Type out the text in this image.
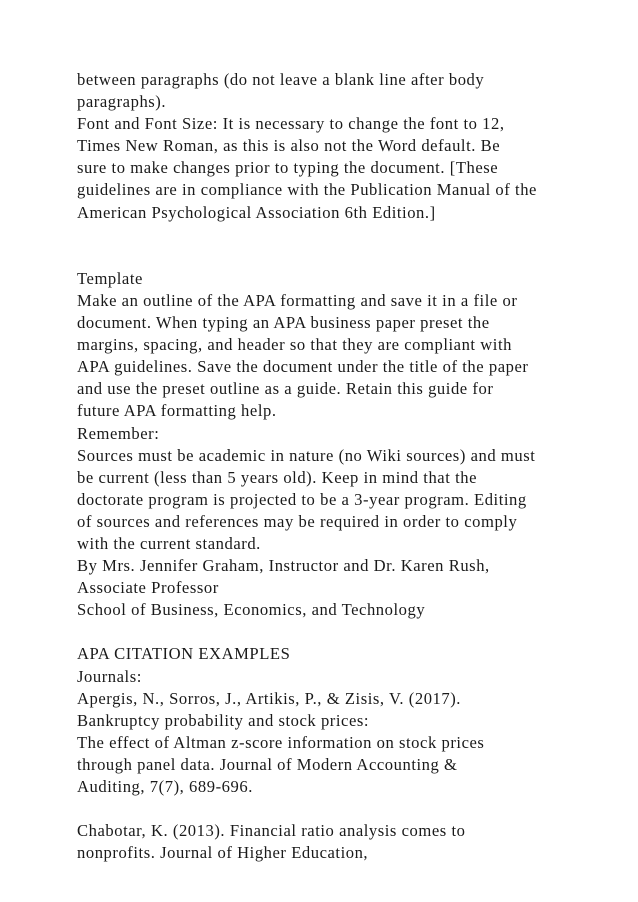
between paragraphs (do not leave a blank line after body
paragraphs).
Font and Font Size: It is necessary to change the font to 12,
Times New Roman, as this is also not the Word default. Be
sure to make changes prior to typing the document. [These
guidelines are in compliance with the Publication Manual of the
American Psychological Association 6th Edition.]
Template
Make an outline of the APA formatting and save it in a file or
document. When typing an APA business paper preset the
margins, spacing, and header so that they are compliant with
APA guidelines. Save the document under the title of the paper
and use the preset outline as a guide. Retain this guide for
future APA formatting help.
Remember:
Sources must be academic in nature (no Wiki sources) and must
be current (less than 5 years old). Keep in mind that the
doctorate program is projected to be a 3-year program. Editing
of sources and references may be required in order to comply
with the current standard.
By Mrs. Jennifer Graham, Instructor and Dr. Karen Rush,
Associate Professor
School of Business, Economics, and Technology
APA CITATION EXAMPLES
Journals:
Apergis, N., Sorros, J., Artikis, P., & Zisis, V. (2017).
Bankruptcy probability and stock prices:
The effect of Altman z-score information on stock prices
through panel data. Journal of Modern Accounting &
Auditing, 7(7), 689-696.
Chabotar, K. (2013). Financial ratio analysis comes to
nonprofits. Journal of Higher Education,
